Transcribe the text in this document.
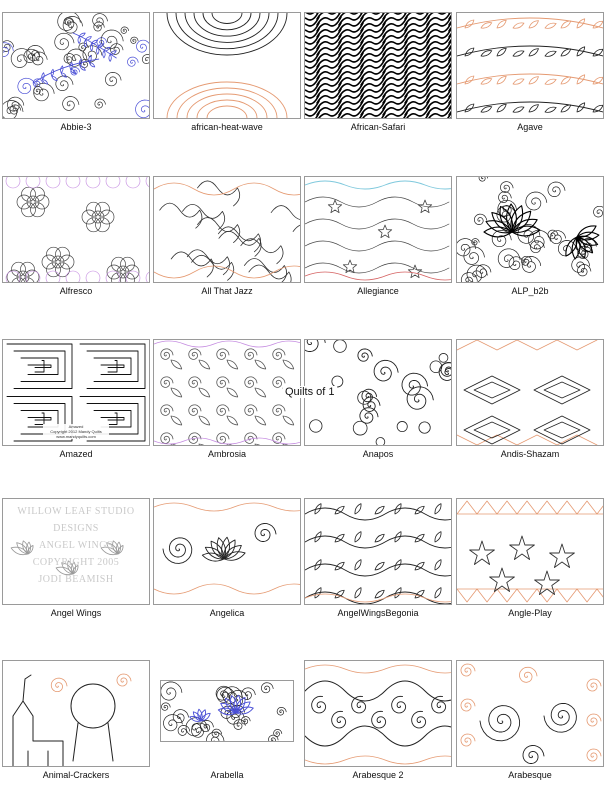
Abbie-3	african-heat-wave	African-Safari	Agave
Alfresco	All That Jazz	Allegiance	ALP_b2b
Amazed
Copyright 2012 Mandy Quilts
www.mandyquilts.com
Amazed	Ambrosia	Anapos	Andis-Shazam
WILLOW LEAF STUDIO
DESIGNS
ANGEL WINGS
COPYRIGHT 2005
JODI BEAMISH
Angel Wings	Angelica	AngelWingsBegonia	Angle-Play
Animal-Crackers	Arabella	Arabesque 2	Arabesque
Quilts of 1
